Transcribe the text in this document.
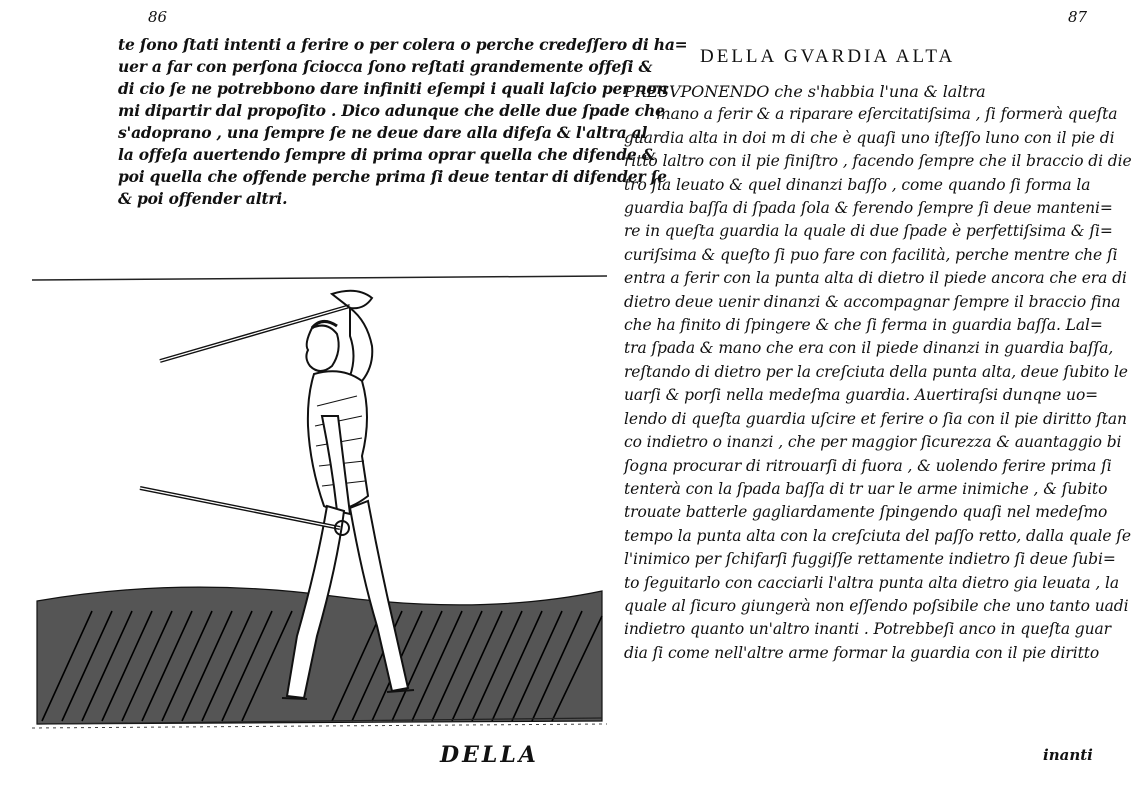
86
te ſono ſtati intenti a ferire o per colera o perche credeſſero di ha=
uer a far con perſona ſciocca ſono reſtati grandemente offeſi &
di cio ſe ne potrebbono dare infiniti eſempi i quali laſcio per non
mi dipartir dal propoſito . Dico adunque che delle due ſpade che
s'adoprano , una ſempre ſe ne deue dare alla difeſa & l'altra al
la offeſa auertendo ſempre di prima oprar quella che difende &
poi quella che offende perche prima ſi deue tentar di difender ſe
& poi offender altri.
DELLA
87
DELLA GVARDIA ALTA
PRESVPONENDO che s'habbia l'una & laltra
mano a ferir & a riparare eſercitatiſsima , ſi formerà queſta
guardia alta in doi m di che è quaſi uno iſteſſo luno con il pie di
ritto laltro con il pie finiſtro , facendo ſempre che il braccio di die
tro ſia leuato & quel dinanzi baſſo , come quando ſi forma la
guardia baſſa di ſpada ſola & ferendo ſempre ſi deue manteni=
re in queſta guardia la quale di due ſpade è perfettiſsima & ſi=
curiſsima & queſto ſi puo fare con facilità, perche mentre che ſi
entra a ferir con la punta alta di dietro il piede ancora che era di
dietro deue uenir dinanzi & accompagnar ſempre il braccio fina
che ha finito di ſpingere & che ſi ferma in guardia baſſa. Lal=
tra ſpada & mano che era con il piede dinanzi in guardia baſſa,
reſtando di dietro per la creſciuta della punta alta, deue ſubito le
uarſi & porſi nella medeſma guardia. Auertiraſsi dunqne uo=
lendo di queſta guardia uſcire et ferire o ſia con il pie diritto ſtan
co indietro o inanzi , che per maggior ſicurezza & auantaggio bi
ſogna procurar di ritrouarſi di fuora , & uolendo ferire prima ſi
tenterà con la ſpada baſſa di tr uar le arme inimiche , & ſubito
trouate batterle gagliardamente ſpingendo quaſi nel medeſmo
tempo la punta alta con la creſciuta del paſſo retto, dalla quale ſe
l'inimico per ſchifarſi fuggiſſe rettamente indietro ſi deue ſubi=
to ſeguitarlo con cacciarli l'altra punta alta dietro gia leuata , la
quale al ſicuro giungerà non eſſendo poſsibile che uno tanto uadi
indietro quanto un'altro inanti . Potrebbeſi anco in queſta guar
dia ſi come nell'altre arme formar la guardia con il pie diritto
inanti
